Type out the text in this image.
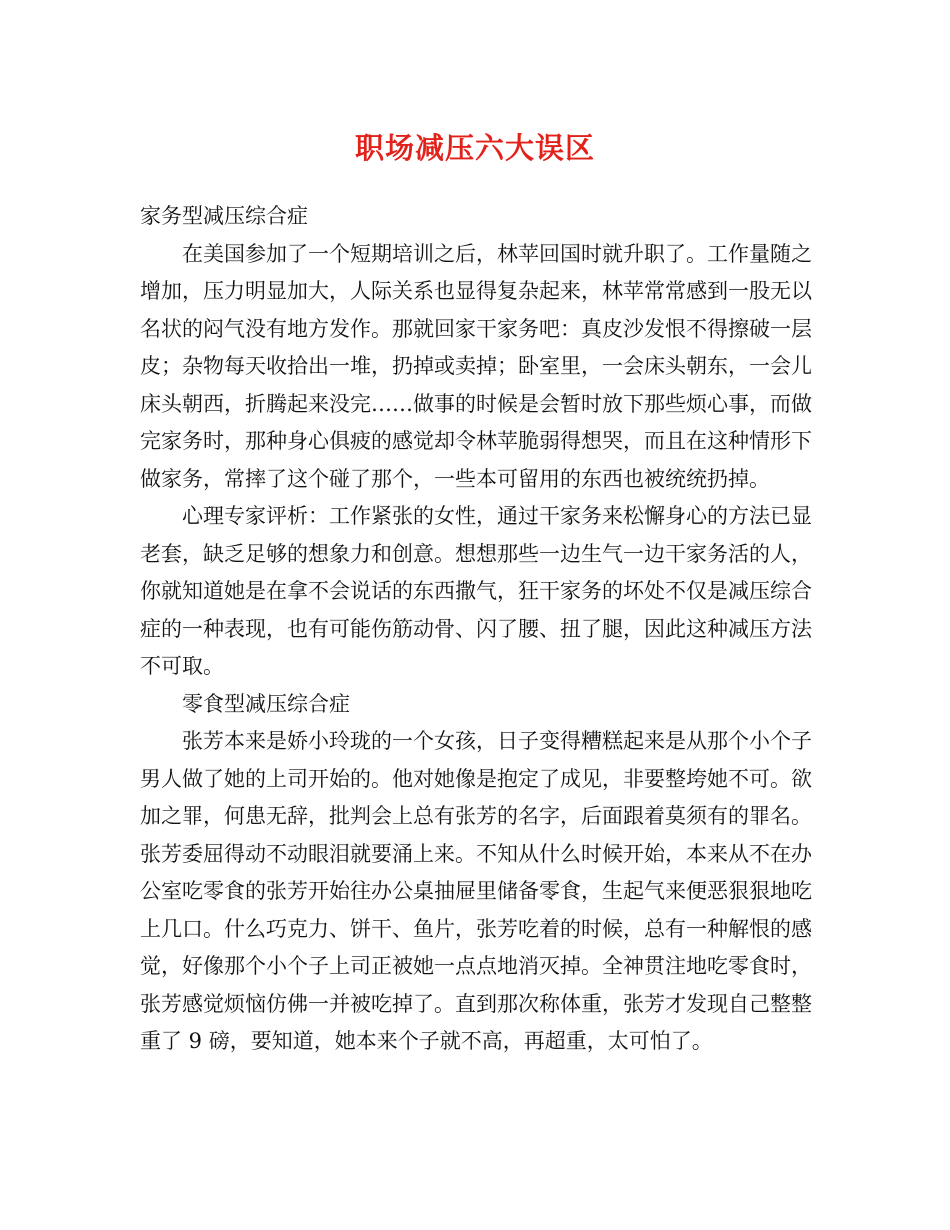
职场减压六大误区

家务型减压综合症

在美国参加了一个短期培训之后，林苹回国时就升职了。工作量随之增加，压力明显加大，人际关系也显得复杂起来，林苹常常感到一股无以名状的闷气没有地方发作。那就回家干家务吧：真皮沙发恨不得擦破一层皮；杂物每天收拾出一堆，扔掉或卖掉；卧室里，一会床头朝东，一会儿床头朝西，折腾起来没完……做事的时候是会暂时放下那些烦心事，而做完家务时，那种身心俱疲的感觉却令林苹脆弱得想哭，而且在这种情形下做家务，常摔了这个碰了那个，一些本可留用的东西也被统统扔掉。

心理专家评析：工作紧张的女性，通过干家务来松懈身心的方法已显老套，缺乏足够的想象力和创意。想想那些一边生气一边干家务活的人，你就知道她是在拿不会说话的东西撒气，狂干家务的坏处不仅是减压综合症的一种表现，也有可能伤筋动骨、闪了腰、扭了腿，因此这种减压方法不可取。

零食型减压综合症

张芳本来是娇小玲珑的一个女孩，日子变得糟糕起来是从那个小个子男人做了她的上司开始的。他对她像是抱定了成见，非要整垮她不可。欲加之罪，何患无辞，批判会上总有张芳的名字，后面跟着莫须有的罪名。张芳委屈得动不动眼泪就要涌上来。不知从什么时候开始，本来从不在办公室吃零食的张芳开始往办公桌抽屉里储备零食，生起气来便恶狠狠地吃上几口。什么巧克力、饼干、鱼片，张芳吃着的时候，总有一种解恨的感觉，好像那个小个子上司正被她一点点地消灭掉。全神贯注地吃零食时，张芳感觉烦恼仿佛一并被吃掉了。直到那次称体重，张芳才发现自己整整重了 9 磅，要知道，她本来个子就不高，再超重，太可怕了。
